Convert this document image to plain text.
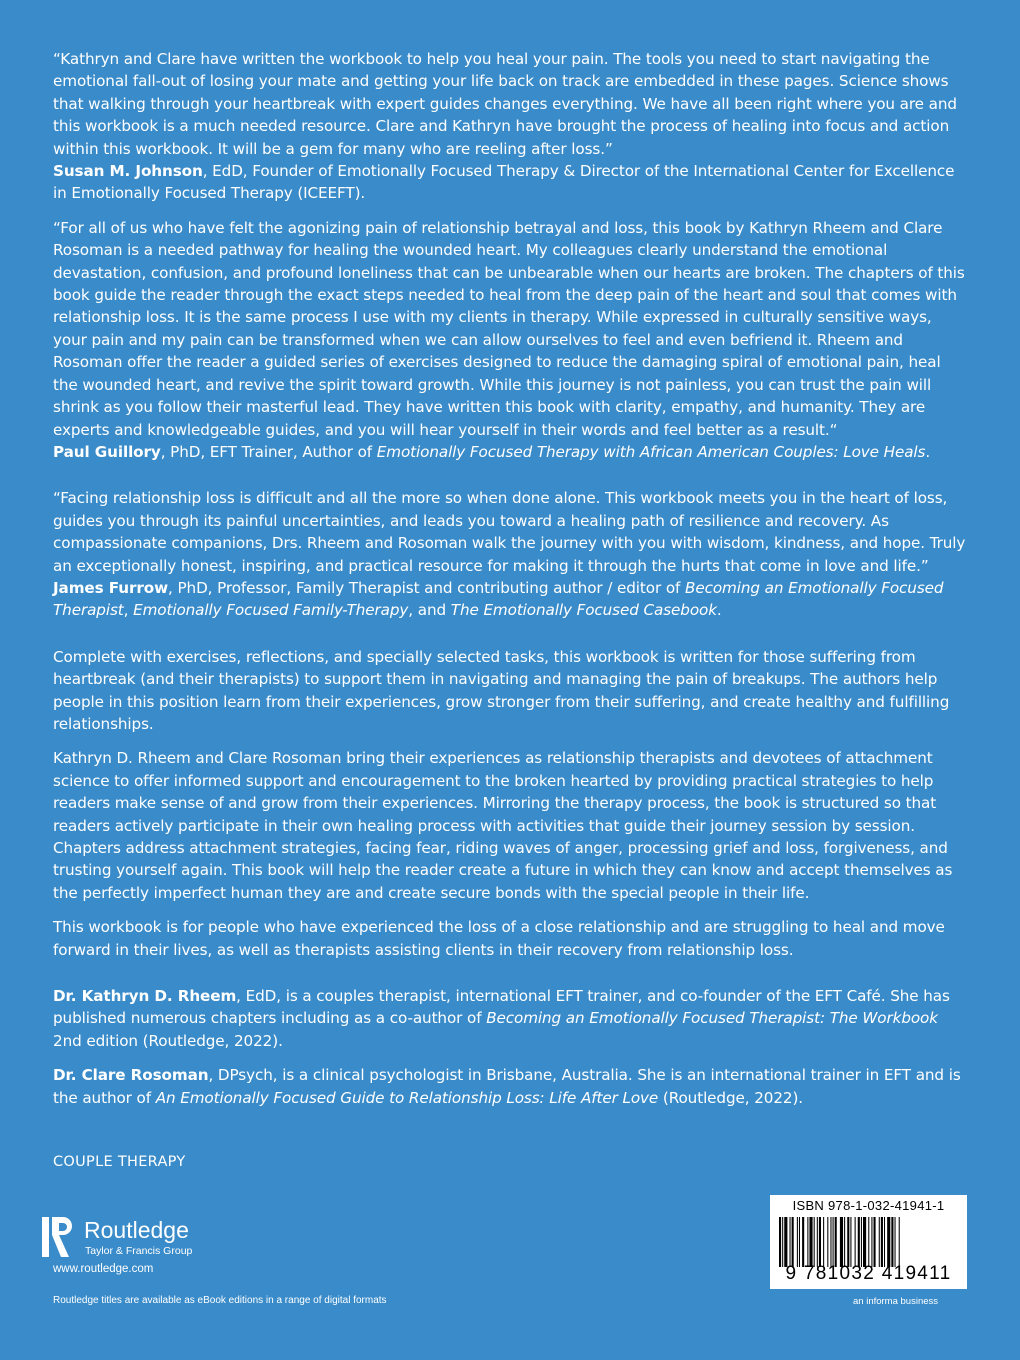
“Kathryn and Clare have written the workbook to help you heal your pain. The tools you need to start navigating the emotional fall-out of losing your mate and getting your life back on track are embedded in these pages. Science shows that walking through your heartbreak with expert guides changes everything. We have all been right where you are and this workbook is a much needed resource. Clare and Kathryn have brought the process of healing into focus and action within this workbook. It will be a gem for many who are reeling after loss.”
Susan M. Johnson, EdD, Founder of Emotionally Focused Therapy & Director of the International Center for Excellence in Emotionally Focused Therapy (ICEEFT).

“For all of us who have felt the agonizing pain of relationship betrayal and loss, this book by Kathryn Rheem and Clare Rosoman is a needed pathway for healing the wounded heart. My colleagues clearly understand the emotional devastation, confusion, and profound loneliness that can be unbearable when our hearts are broken. The chapters of this book guide the reader through the exact steps needed to heal from the deep pain of the heart and soul that comes with relationship loss. It is the same process I use with my clients in therapy. While expressed in culturally sensitive ways, your pain and my pain can be transformed when we can allow ourselves to feel and even befriend it. Rheem and Rosoman offer the reader a guided series of exercises designed to reduce the damaging spiral of emotional pain, heal the wounded heart, and revive the spirit toward growth. While this journey is not painless, you can trust the pain will shrink as you follow their masterful lead. They have written this book with clarity, empathy, and humanity. They are experts and knowledgeable guides, and you will hear yourself in their words and feel better as a result.“
Paul Guillory, PhD, EFT Trainer, Author of Emotionally Focused Therapy with African American Couples: Love Heals.

“Facing relationship loss is difficult and all the more so when done alone. This workbook meets you in the heart of loss, guides you through its painful uncertainties, and leads you toward a healing path of resilience and recovery. As compassionate companions, Drs. Rheem and Rosoman walk the journey with you with wisdom, kindness, and hope. Truly an exceptionally honest, inspiring, and practical resource for making it through the hurts that come in love and life.”
James Furrow, PhD, Professor, Family Therapist and contributing author / editor of Becoming an Emotionally Focused Therapist, Emotionally Focused Family-Therapy, and The Emotionally Focused Casebook.

Complete with exercises, reflections, and specially selected tasks, this workbook is written for those suffering from heartbreak (and their therapists) to support them in navigating and managing the pain of breakups. The authors help people in this position learn from their experiences, grow stronger from their suffering, and create healthy and fulfilling relationships.

Kathryn D. Rheem and Clare Rosoman bring their experiences as relationship therapists and devotees of attachment science to offer informed support and encouragement to the broken hearted by providing practical strategies to help readers make sense of and grow from their experiences. Mirroring the therapy process, the book is structured so that readers actively participate in their own healing process with activities that guide their journey session by session. Chapters address attachment strategies, facing fear, riding waves of anger, processing grief and loss, forgiveness, and trusting yourself again. This book will help the reader create a future in which they can know and accept themselves as the perfectly imperfect human they are and create secure bonds with the special people in their life.

This workbook is for people who have experienced the loss of a close relationship and are struggling to heal and move forward in their lives, as well as therapists assisting clients in their recovery from relationship loss.

Dr. Kathryn D. Rheem, EdD, is a couples therapist, international EFT trainer, and co-founder of the EFT Café. She has published numerous chapters including as a co-author of Becoming an Emotionally Focused Therapist: The Workbook 2nd edition (Routledge, 2022).

Dr. Clare Rosoman, DPsych, is a clinical psychologist in Brisbane, Australia. She is an international trainer in EFT and is the author of An Emotionally Focused Guide to Relationship Loss: Life After Love (Routledge, 2022).

COUPLE THERAPY
Routledge
Taylor & Francis Group
www.routledge.com
Routledge titles are available as eBook editions in a range of digital formats
ISBN 978-1-032-41941-1
9 781032 419411
an informa business
